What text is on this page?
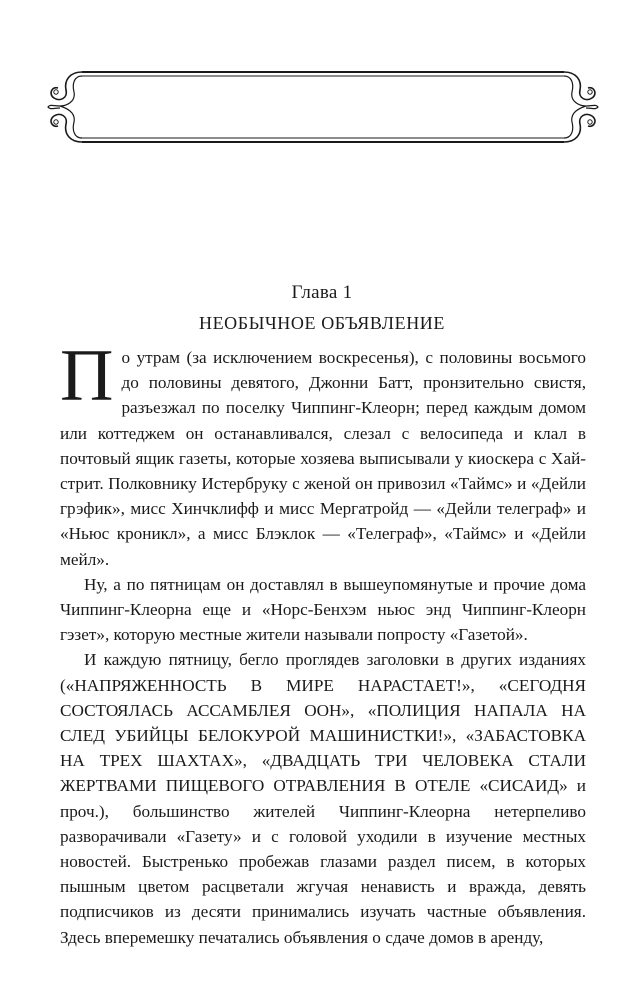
Глава 1
НЕОБЫЧНОЕ ОБЪЯВЛЕНИЕ

По утрам (за исключением воскресенья), с половины восьмого до половины девятого, Джонни Батт, пронзительно свистя, разъезжал по поселку Чиппинг-Клеорн; перед каждым домом или коттеджем он останавливался, слезал с велосипеда и клал в почтовый ящик газеты, которые хозяева выписывали у киоскера с Хай-стрит. Полковнику Истербруку с женой он привозил «Таймс» и «Дейли грэфик», мисс Хинчклифф и мисс Мергатройд — «Дейли телеграф» и «Ньюс кроникл», а мисс Блэклок — «Телеграф», «Таймс» и «Дейли мейл».

Ну, а по пятницам он доставлял в вышеупомянутые и прочие дома Чиппинг-Клеорна еще и «Норс-Бенхэм ньюс энд Чиппинг-Клеорн гэзет», которую местные жители называли попросту «Газетой».

И каждую пятницу, бегло проглядев заголовки в других изданиях («НАПРЯЖЕННОСТЬ В МИРЕ НАРАСТАЕТ!», «СЕГОДНЯ СОСТОЯЛАСЬ АССАМБЛЕЯ ООН», «ПОЛИЦИЯ НАПАЛА НА СЛЕД УБИЙЦЫ БЕЛОКУРОЙ МАШИНИСТКИ!», «ЗАБАСТОВКА НА ТРЕХ ШАХТАХ», «ДВАДЦАТЬ ТРИ ЧЕЛОВЕКА СТАЛИ ЖЕРТВАМИ ПИЩЕВОГО ОТРАВЛЕНИЯ В ОТЕЛЕ «СИСАИД» и проч.), большинство жителей Чиппинг-Клеорна нетерпеливо разворачивали «Газету» и с головой уходили в изучение местных новостей. Быстренько пробежав глазами раздел писем, в которых пышным цветом расцветали жгучая ненависть и вражда, девять подписчиков из десяти принимались изучать частные объявления. Здесь вперемешку печатались объявления о сдаче домов в аренду,
